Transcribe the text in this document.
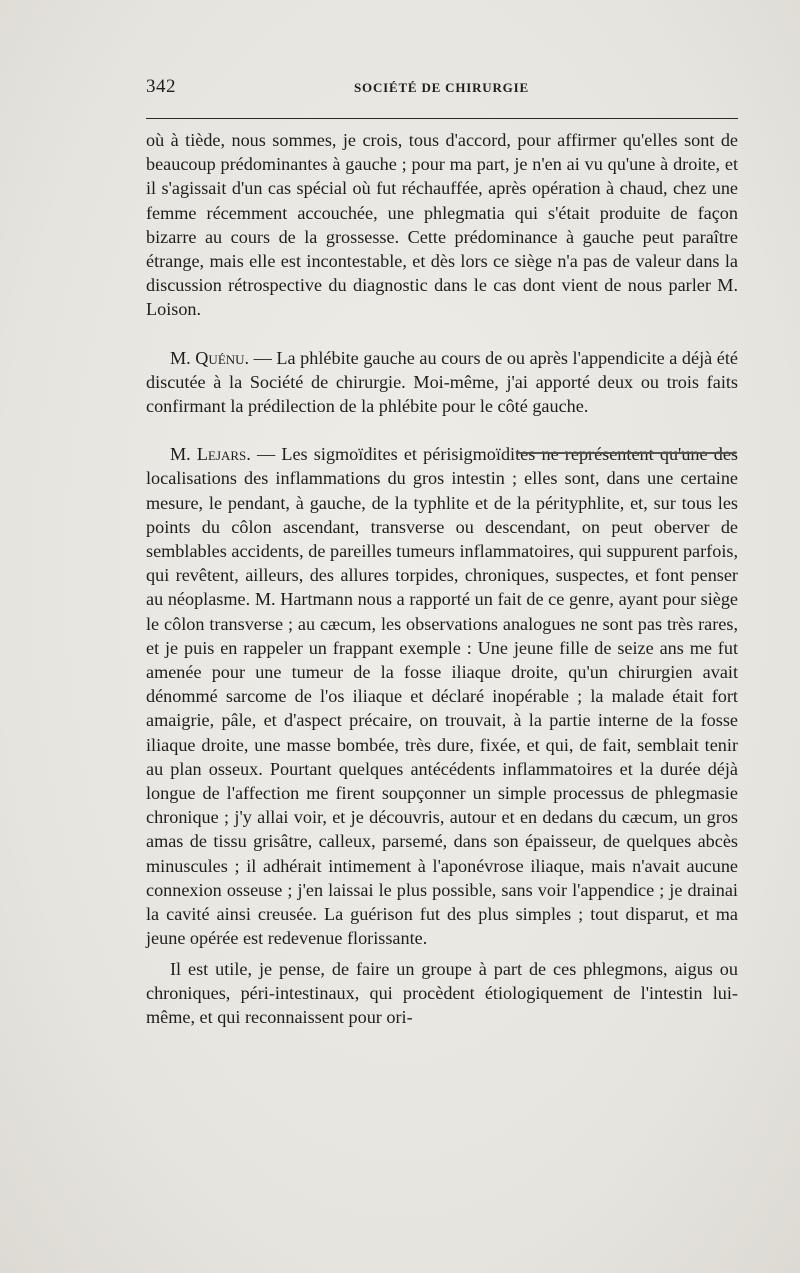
342	SOCIÉTÉ DE CHIRURGIE

où à tiède, nous sommes, je crois, tous d'accord, pour affirmer qu'elles sont de beaucoup prédominantes à gauche ; pour ma part, je n'en ai vu qu'une à droite, et il s'agissait d'un cas spécial où fut réchauffée, après opération à chaud, chez une femme récemment accouchée, une phlegmatia qui s'était produite de façon bizarre au cours de la grossesse. Cette prédominance à gauche peut paraître étrange, mais elle est incontestable, et dès lors ce siège n'a pas de valeur dans la discussion rétrospective du diagnostic dans le cas dont vient de nous parler M. Loison.

M. Quénu. — La phlébite gauche au cours de ou après l'appendicite a déjà été discutée à la Société de chirurgie. Moi-même, j'ai apporté deux ou trois faits confirmant la prédilection de la phlébite pour le côté gauche.

M. Lejars. — Les sigmoïdites et périsigmoïdites ne représentent qu'une des localisations des inflammations du gros intestin ; elles sont, dans une certaine mesure, le pendant, à gauche, de la typhlite et de la pérityphlite, et, sur tous les points du côlon ascendant, transverse ou descendant, on peut oberver de semblables accidents, de pareilles tumeurs inflammatoires, qui suppurent parfois, qui revêtent, ailleurs, des allures torpides, chroniques, suspectes, et font penser au néoplasme. M. Hartmann nous a rapporté un fait de ce genre, ayant pour siège le côlon transverse ; au cæcum, les observations analogues ne sont pas très rares, et je puis en rappeler un frappant exemple : Une jeune fille de seize ans me fut amenée pour une tumeur de la fosse iliaque droite, qu'un chirurgien avait dénommé sarcome de l'os iliaque et déclaré inopérable ; la malade était fort amaigrie, pâle, et d'aspect précaire, on trouvait, à la partie interne de la fosse iliaque droite, une masse bombée, très dure, fixée, et qui, de fait, semblait tenir au plan osseux. Pourtant quelques antécédents inflammatoires et la durée déjà longue de l'affection me firent soupçonner un simple processus de phlegmasie chronique ; j'y allai voir, et je découvris, autour et en dedans du cæcum, un gros amas de tissu grisâtre, calleux, parsemé, dans son épaisseur, de quelques abcès minuscules ; il adhérait intimement à l'aponévrose iliaque, mais n'avait aucune connexion osseuse ; j'en laissai le plus possible, sans voir l'appendice ; je drainai la cavité ainsi creusée. La guérison fut des plus simples ; tout disparut, et ma jeune opérée est redevenue florissante.

Il est utile, je pense, de faire un groupe à part de ces phlegmons, aigus ou chroniques, péri-intestinaux, qui procèdent étiologiquement de l'intestin lui-même, et qui reconnaissent pour ori-
